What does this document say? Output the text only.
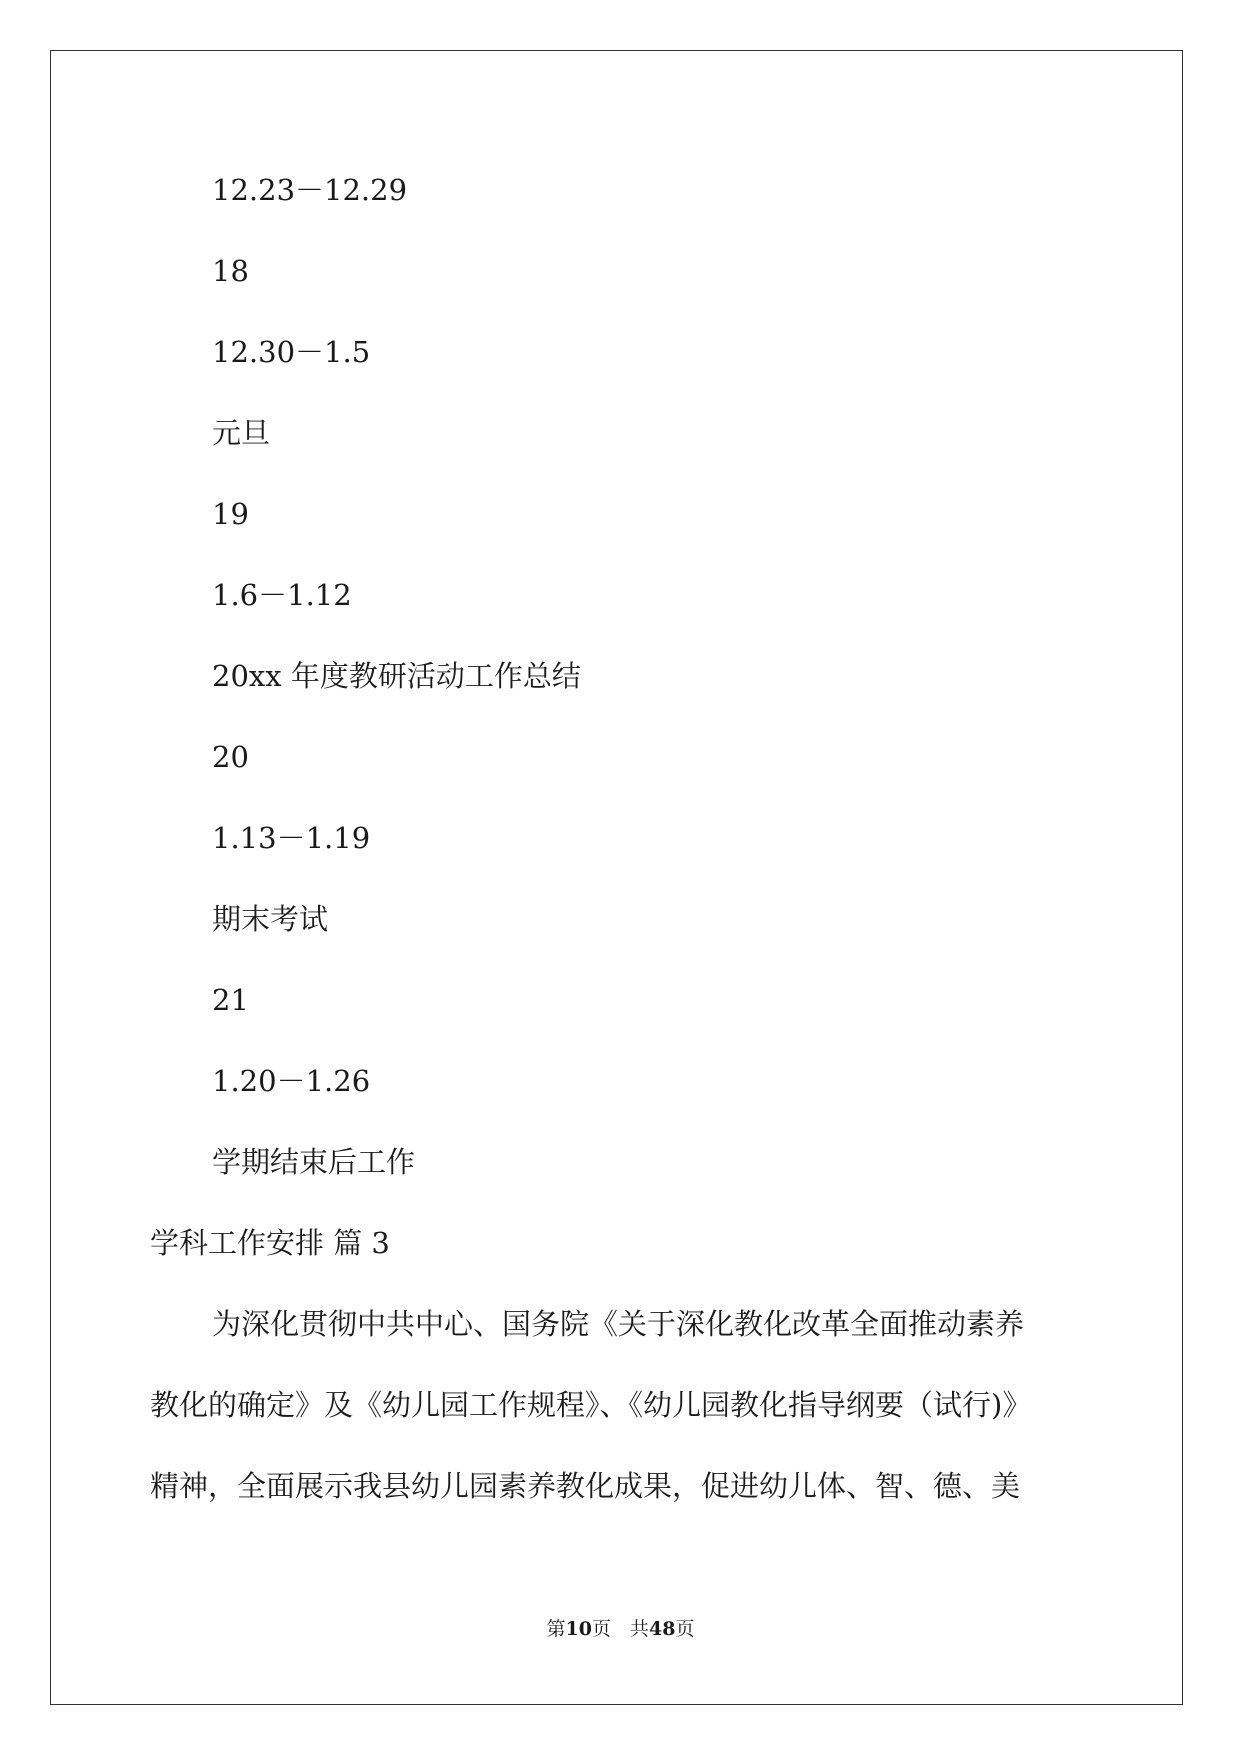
12.23－12.29
18
12.30－1.5
元旦
19
1.6－1.12
20xx 年度教研活动工作总结
20
1.13－1.19
期末考试
21
1.20－1.26
学期结束后工作
学科工作安排 篇 3
为深化贯彻中共中心、国务院《关于深化教化改革全面推动素养
教化的确定》及《幼儿园工作规程》、《幼儿园教化指导纲要（试行)》
精神，全面展示我县幼儿园素养教化成果，促进幼儿体、智、德、美
第10页　共48页
